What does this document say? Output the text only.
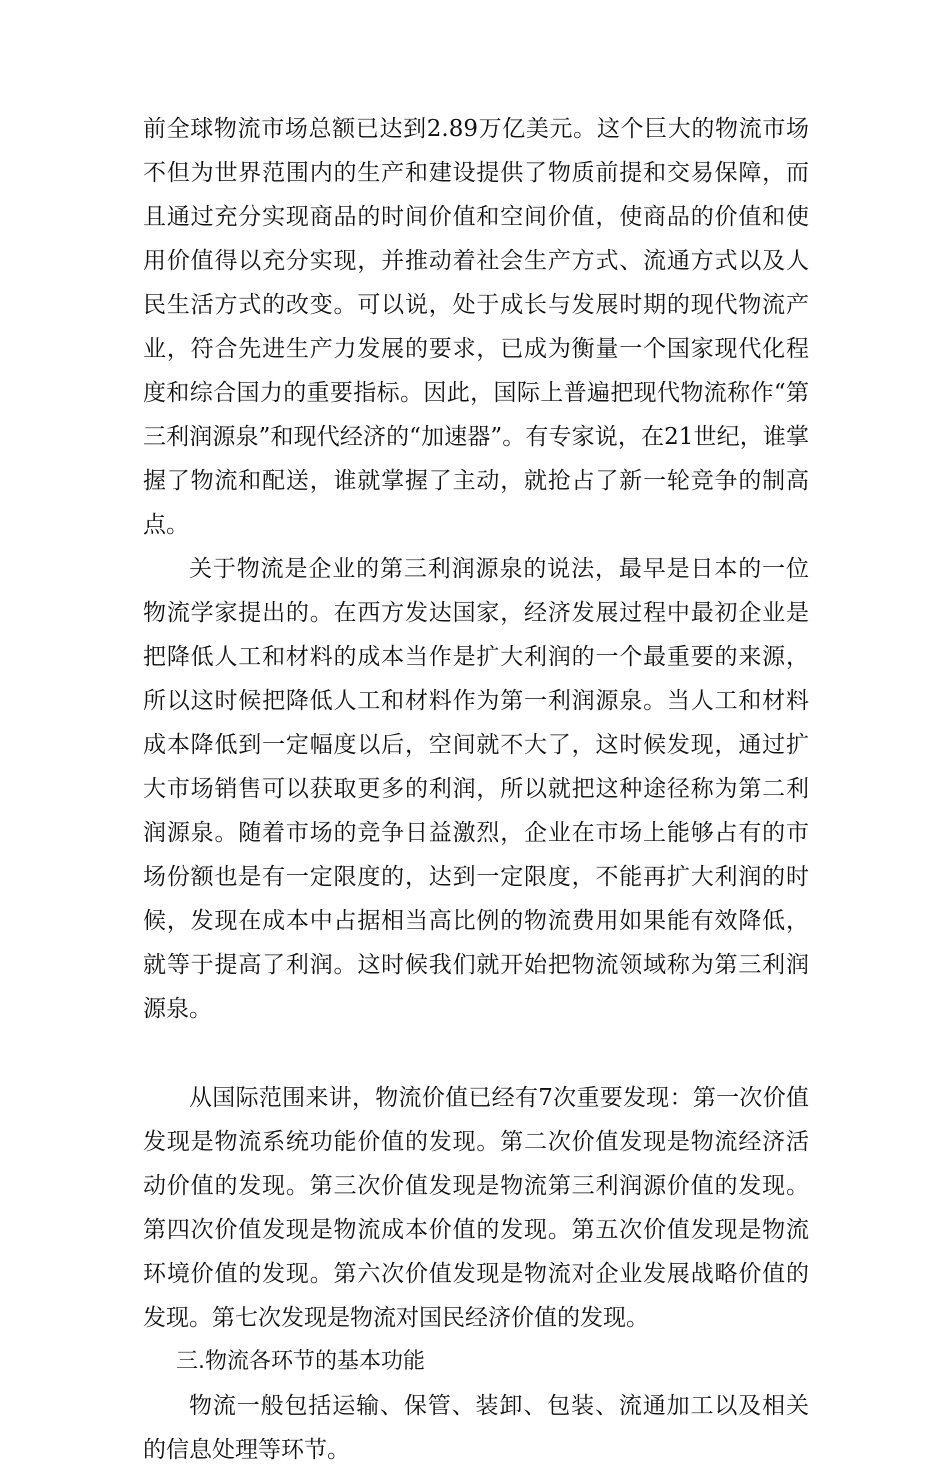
前全球物流市场总额已达到2.89万亿美元。这个巨大的物流市场不但为世界范围内的生产和建设提供了物质前提和交易保障，而且通过充分实现商品的时间价值和空间价值，使商品的价值和使用价值得以充分实现，并推动着社会生产方式、流通方式以及人民生活方式的改变。可以说，处于成长与发展时期的现代物流产业，符合先进生产力发展的要求，已成为衡量一个国家现代化程度和综合国力的重要指标。因此，国际上普遍把现代物流称作“第三利润源泉”和现代经济的“加速器”。有专家说，在21世纪，谁掌握了物流和配送，谁就掌握了主动，就抢占了新一轮竞争的制高点。

关于物流是企业的第三利润源泉的说法，最早是日本的一位物流学家提出的。在西方发达国家，经济发展过程中最初企业是把降低人工和材料的成本当作是扩大利润的一个最重要的来源，所以这时候把降低人工和材料作为第一利润源泉。当人工和材料成本降低到一定幅度以后，空间就不大了，这时候发现，通过扩大市场销售可以获取更多的利润，所以就把这种途径称为第二利润源泉。随着市场的竞争日益激烈，企业在市场上能够占有的市场份额也是有一定限度的，达到一定限度，不能再扩大利润的时候，发现在成本中占据相当高比例的物流费用如果能有效降低，就等于提高了利润。这时候我们就开始把物流领域称为第三利润源泉。

从国际范围来讲，物流价值已经有7次重要发现：第一次价值发现是物流系统功能价值的发现。第二次价值发现是物流经济活动价值的发现。第三次价值发现是物流第三利润源价值的发现。第四次价值发现是物流成本价值的发现。第五次价值发现是物流环境价值的发现。第六次价值发现是物流对企业发展战略价值的发现。第七次发现是物流对国民经济价值的发现。

三.物流各环节的基本功能

物流一般包括运输、保管、装卸、包装、流通加工以及相关的信息处理等环节。
